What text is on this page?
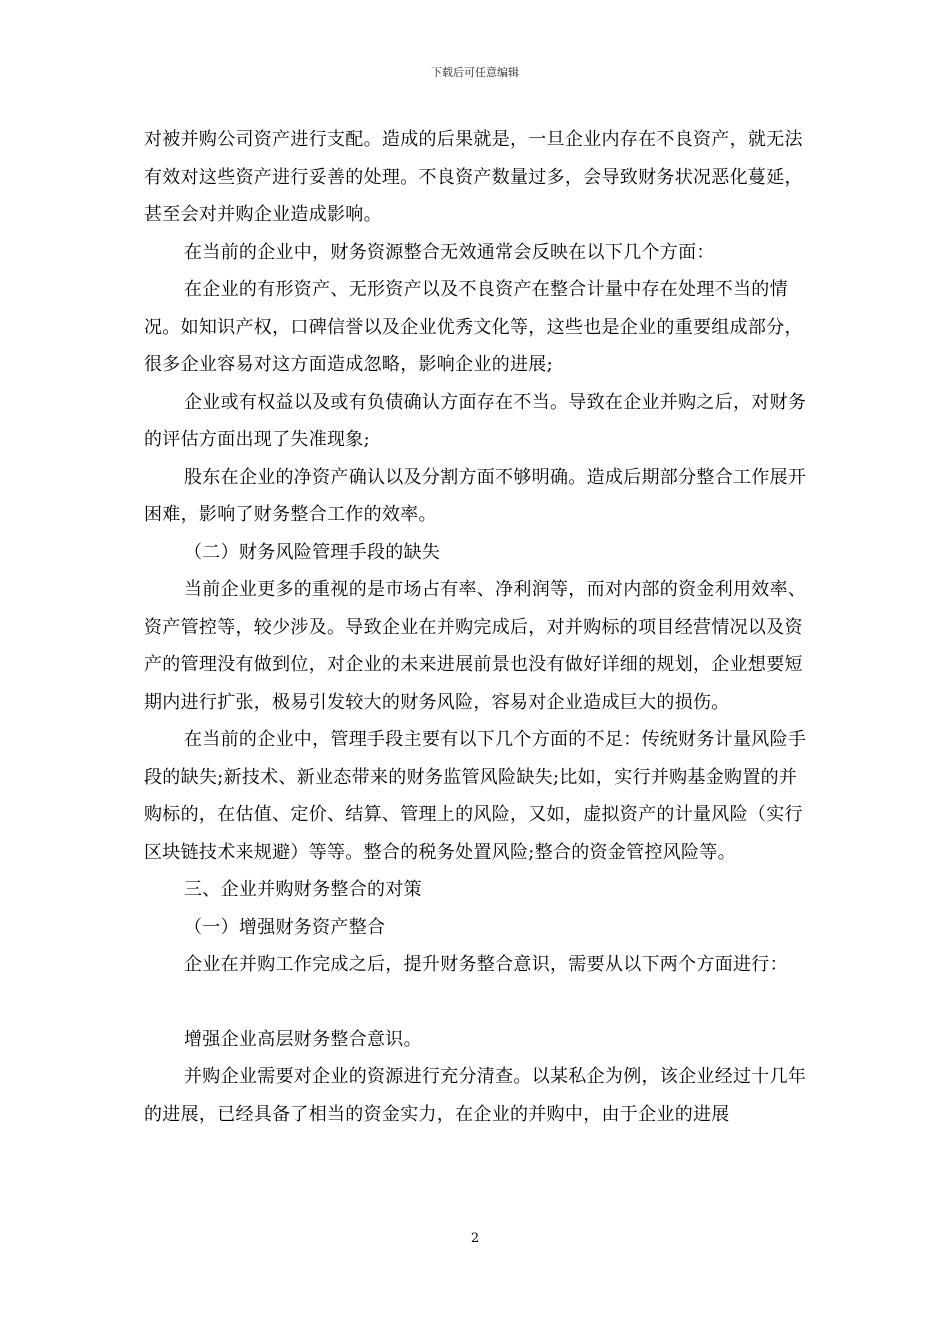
下载后可任意编辑

对被并购公司资产进行支配。造成的后果就是，一旦企业内存在不良资产，就无法有效对这些资产进行妥善的处理。不良资产数量过多，会导致财务状况恶化蔓延，甚至会对并购企业造成影响。

在当前的企业中，财务资源整合无效通常会反映在以下几个方面：

在企业的有形资产、无形资产以及不良资产在整合计量中存在处理不当的情况。如知识产权，口碑信誉以及企业优秀文化等，这些也是企业的重要组成部分，很多企业容易对这方面造成忽略，影响企业的进展;

企业或有权益以及或有负债确认方面存在不当。导致在企业并购之后，对财务的评估方面出现了失准现象;

股东在企业的净资产确认以及分割方面不够明确。造成后期部分整合工作展开困难，影响了财务整合工作的效率。

（二）财务风险管理手段的缺失

当前企业更多的重视的是市场占有率、净利润等，而对内部的资金利用效率、资产管控等，较少涉及。导致企业在并购完成后，对并购标的项目经营情况以及资产的管理没有做到位，对企业的未来进展前景也没有做好详细的规划，企业想要短期内进行扩张，极易引发较大的财务风险，容易对企业造成巨大的损伤。

在当前的企业中，管理手段主要有以下几个方面的不足：传统财务计量风险手段的缺失;新技术、新业态带来的财务监管风险缺失;比如，实行并购基金购置的并购标的，在估值、定价、结算、管理上的风险，又如，虚拟资产的计量风险（实行区块链技术来规避）等等。整合的税务处置风险;整合的资金管控风险等。

三、企业并购财务整合的对策

（一）增强财务资产整合

企业在并购工作完成之后，提升财务整合意识，需要从以下两个方面进行：

增强企业高层财务整合意识。

并购企业需要对企业的资源进行充分清查。以某私企为例，该企业经过十几年的进展，已经具备了相当的资金实力，在企业的并购中，由于企业的进展

2
